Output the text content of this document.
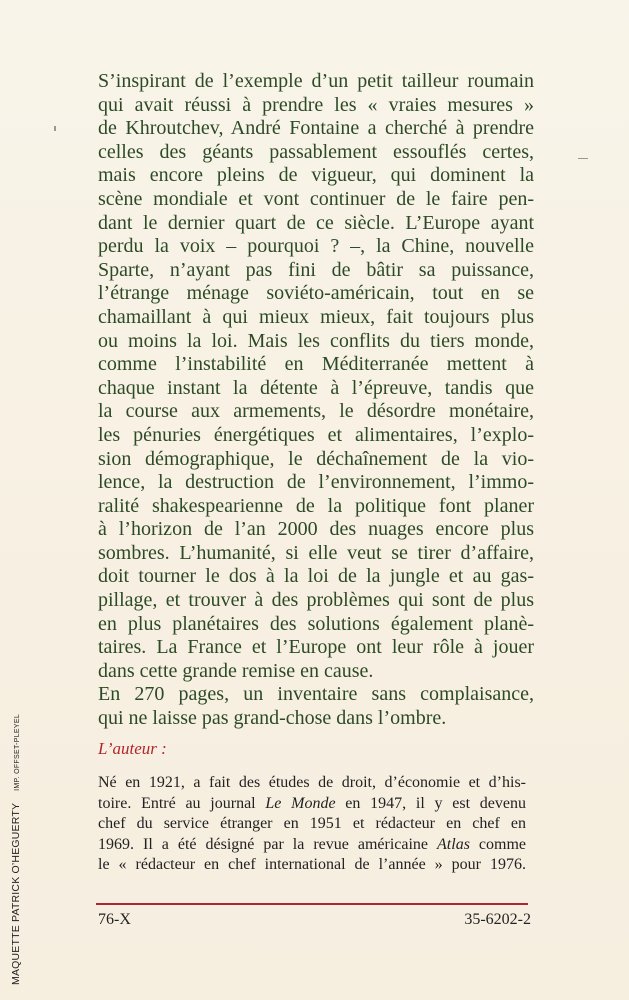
S’inspirant de l’exemple d’un petit tailleur roumain
qui avait réussi à prendre les « vraies mesures »
de Khroutchev, André Fontaine a cherché à prendre
celles des géants passablement essouflés certes,
mais encore pleins de vigueur, qui dominent la
scène mondiale et vont continuer de le faire pen-
dant le dernier quart de ce siècle. L’Europe ayant
perdu la voix – pourquoi ? –, la Chine, nouvelle
Sparte, n’ayant pas fini de bâtir sa puissance,
l’étrange ménage soviéto-américain, tout en se
chamaillant à qui mieux mieux, fait toujours plus
ou moins la loi. Mais les conflits du tiers monde,
comme l’instabilité en Méditerranée mettent à
chaque instant la détente à l’épreuve, tandis que
la course aux armements, le désordre monétaire,
les pénuries énergétiques et alimentaires, l’explo-
sion démographique, le déchaînement de la vio-
lence, la destruction de l’environnement, l’immo-
ralité shakespearienne de la politique font planer
à l’horizon de l’an 2000 des nuages encore plus
sombres. L’humanité, si elle veut se tirer d’affaire,
doit tourner le dos à la loi de la jungle et au gas-
pillage, et trouver à des problèmes qui sont de plus
en plus planétaires des solutions également planè-
taires. La France et l’Europe ont leur rôle à jouer
dans cette grande remise en cause.
En 270 pages, un inventaire sans complaisance,
qui ne laisse pas grand-chose dans l’ombre.
L’auteur :
Né en 1921, a fait des études de droit, d’économie et d’his-
toire. Entré au journal Le Monde en 1947, il y est devenu
chef du service étranger en 1951 et rédacteur en chef en
1969. Il a été désigné par la revue américaine Atlas comme
le « rédacteur en chef international de l’année » pour 1976.
76-X	35-6202-2
MAQUETTE PATRICK O’HEGUERTYIMP. OFFSET-PLEYEL
